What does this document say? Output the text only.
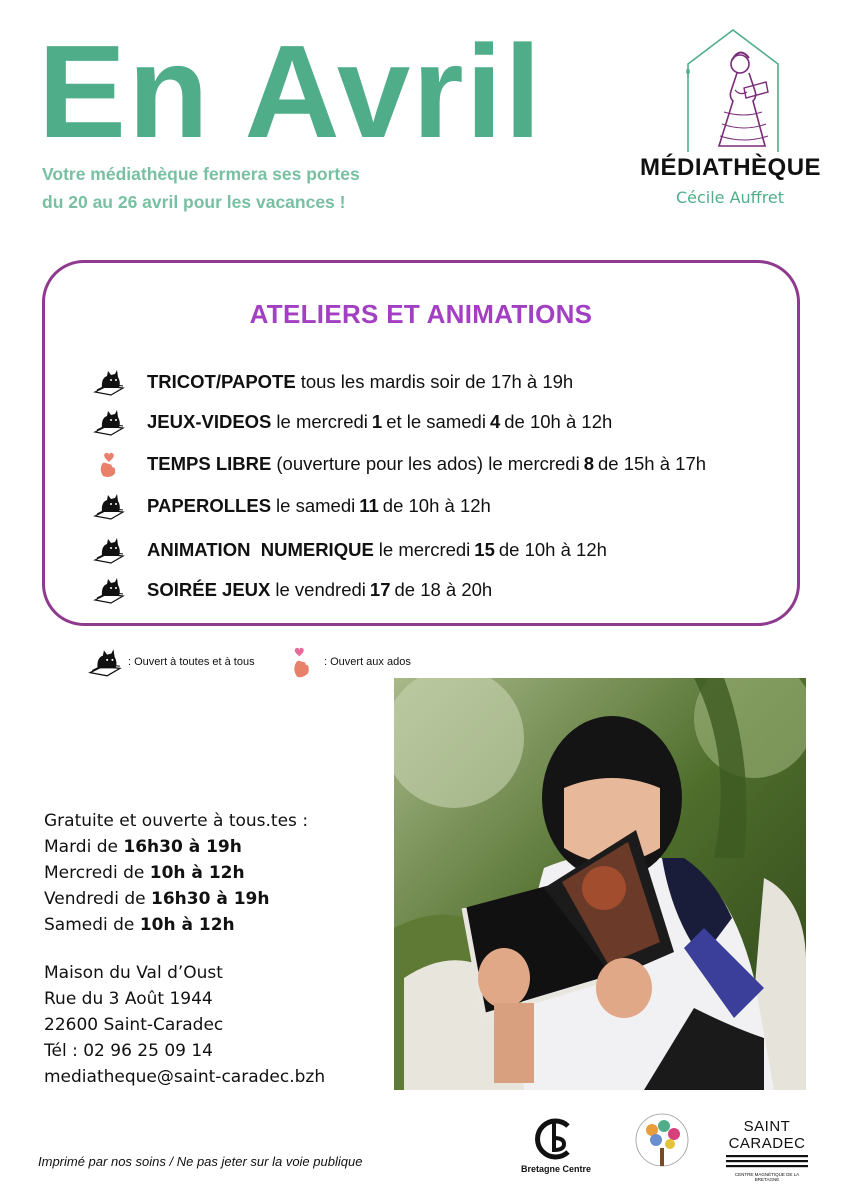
En Avril

Votre médiathèque fermera ses portes
du 20 au 26 avril pour les vacances !

MÉDIATHÈQUE
Cécile Auffret
ATELIERS ET ANIMATIONS
TRICOT/PAPOTE tous les mardis soir de 17h à 19h
JEUX-VIDEOS le mercredi 1 et le samedi 4 de 10h à 12h
TEMPS LIBRE (ouverture pour les ados) le mercredi 8 de 15h à 17h
PAPEROLLES le samedi 11 de 10h à 12h
ANIMATION  NUMERIQUE le mercredi 15 de 10h à 12h
SOIRÉE JEUX le vendredi 17 de 18 à 20h
: Ouvert à toutes et à tous	: Ouvert aux ados
Gratuite et ouverte à tous.tes :
Mardi de 16h30 à 19h
Mercredi de 10h à 12h
Vendredi de 16h30 à 19h
Samedi de 10h à 12h
Maison du Val d’Oust
Rue du 3 Août 1944
22600 Saint-Caradec
Tél : 02 96 25 09 14
mediatheque@saint-caradec.bzh
Imprimé par nos soins / Ne pas jeter sur la voie publique	Bretagne Centre
SAINT
CARADEC
CENTRE MAGNÉTIQUE DE LA BRETAGNE
